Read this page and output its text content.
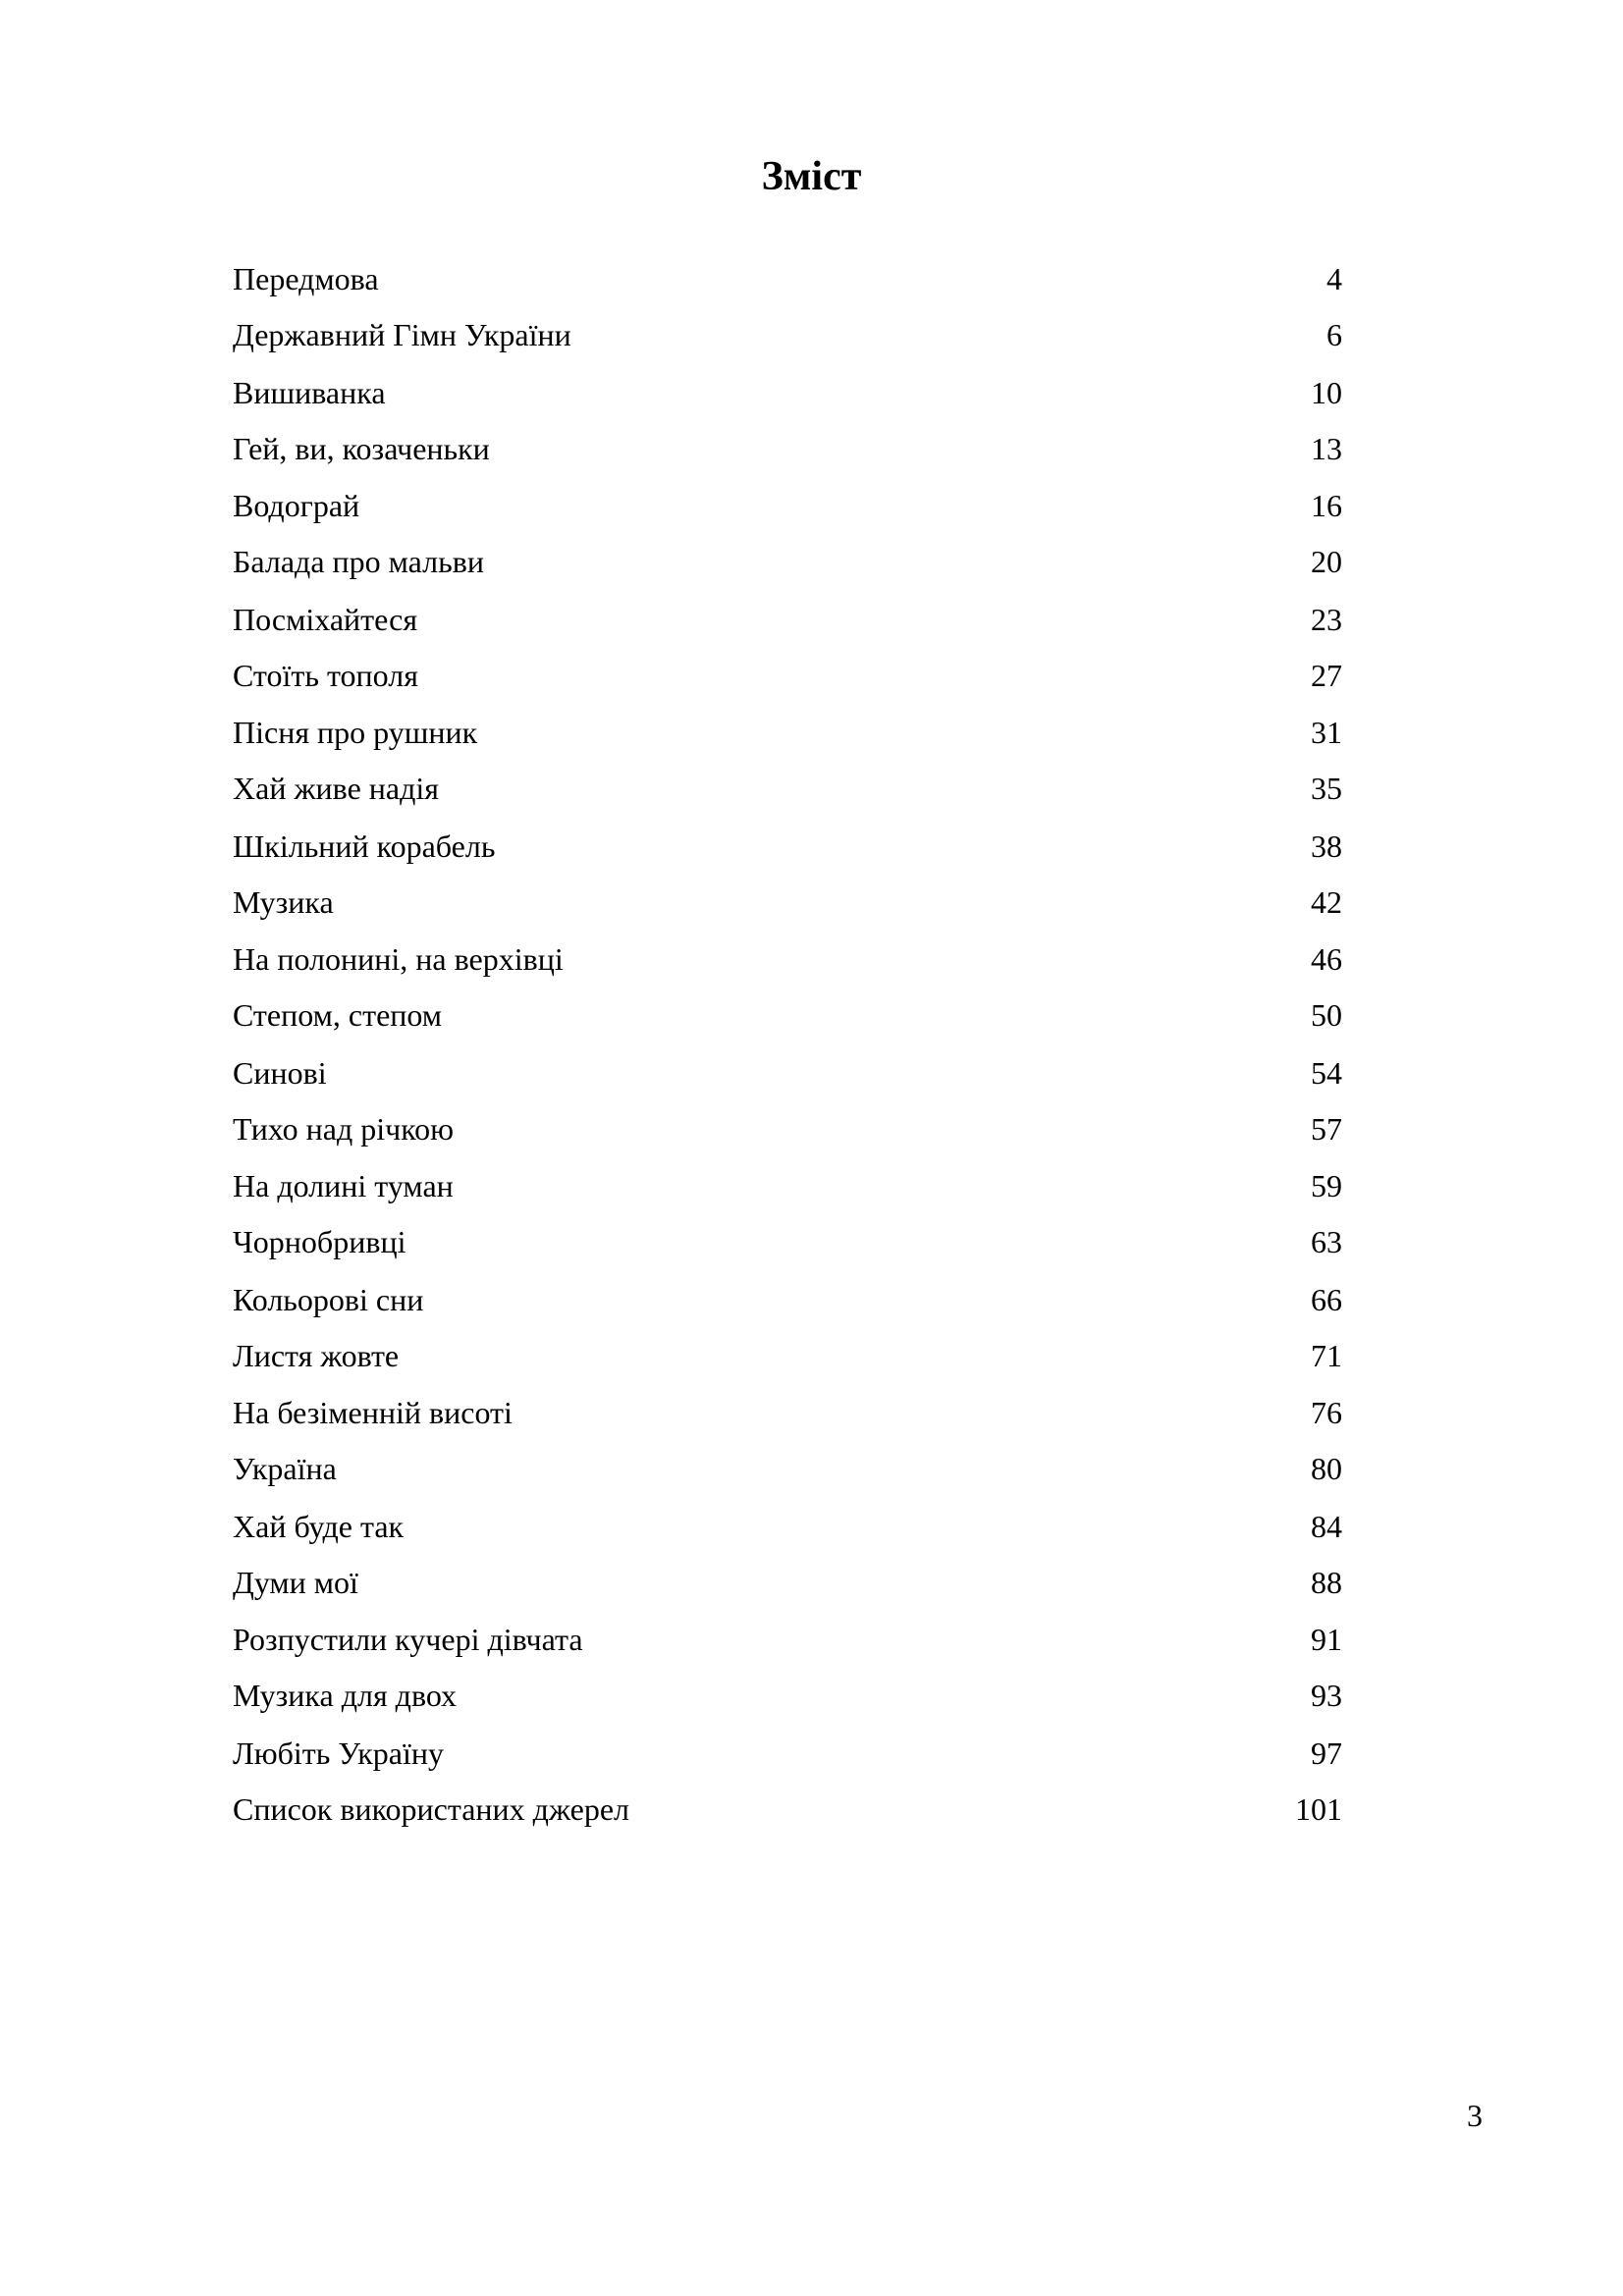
Зміст
Передмова	4
Державний Гімн України	6
Вишиванка	10
Гей, ви, козаченьки	13
Водограй	16
Балада про мальви	20
Посміхайтеся	23
Стоїть тополя	27
Пісня про рушник	31
Хай живе надія	35
Шкільний корабель	38
Музика	42
На полонині, на верхівці	46
Степом, степом	50
Синові	54
Тихо над річкою	57
На долині туман	59
Чорнобривці	63
Кольорові сни	66
Листя жовте	71
На безіменній висоті	76
Україна	80
Хай буде так	84
Думи мої	88
Розпустили кучері дівчата	91
Музика для двох	93
Любіть Україну	97
Список використаних джерел	101
3
